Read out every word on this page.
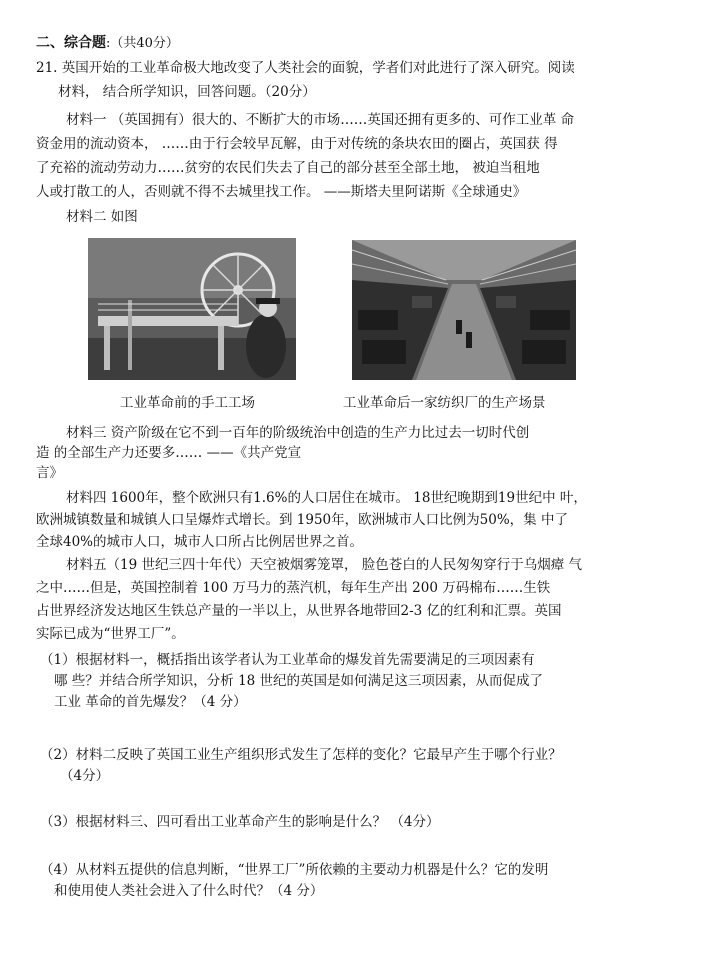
二、综合题:（共40分）
21. 英国开始的工业革命极大地改变了人类社会的面貌，学者们对此进行了深入研究。阅读
材料， 结合所学知识，回答问题。（20分）
材料一 （英国拥有）很大的、不断扩大的市场……英国还拥有更多的、可作工业革 命
资金用的流动资本， ……由于行会较早瓦解，由于对传统的条块农田的圈占，英国获 得
了充裕的流动劳动力……贫穷的农民们失去了自己的部分甚至全部土地， 被迫当租地
人或打散工的人，否则就不得不去城里找工作。 ——斯塔夫里阿诺斯《全球通史》
材料二 如图
工业革命前的手工工场	工业革命后一家纺织厂的生产场景
材料三 资产阶级在它不到一百年的阶级统治中创造的生产力比过去一切时代创
造 的全部生产力还要多…… ——《共产党宣
言》
材料四 1600年，整个欧洲只有1.6%的人口居住在城市。 18世纪晚期到19世纪中 叶，
欧洲城镇数量和城镇人口呈爆炸式增长。到 1950年，欧洲城市人口比例为50%，集 中了
全球40%的城市人口，城市人口所占比例居世界之首。
材料五（19 世纪三四十年代）天空被烟雾笼罩， 脸色苍白的人民匆匆穿行于乌烟瘴 气
之中……但是，英国控制着 100 万马力的蒸汽机，每年生产出 200 万码棉布……生铁
占世界经济发达地区生铁总产量的一半以上，从世界各地带回2-3 亿的红利和汇票。英国
实际已成为“世界工厂”。
（1）根据材料一，概括指出该学者认为工业革命的爆发首先需要满足的三项因素有
哪 些？并结合所学知识，分析 18 世纪的英国是如何满足这三项因素，从而促成了
工业 革命的首先爆发？（4 分）
（2）材料二反映了英国工业生产组织形式发生了怎样的变化？它最早产生于哪个行业？
（4分）
（3）根据材料三、四可看出工业革命产生的影响是什么？ （4分）
（4）从材料五提供的信息判断，“世界工厂”所依赖的主要动力机器是什么？它的发明
和使用使人类社会进入了什么时代？（4 分）
